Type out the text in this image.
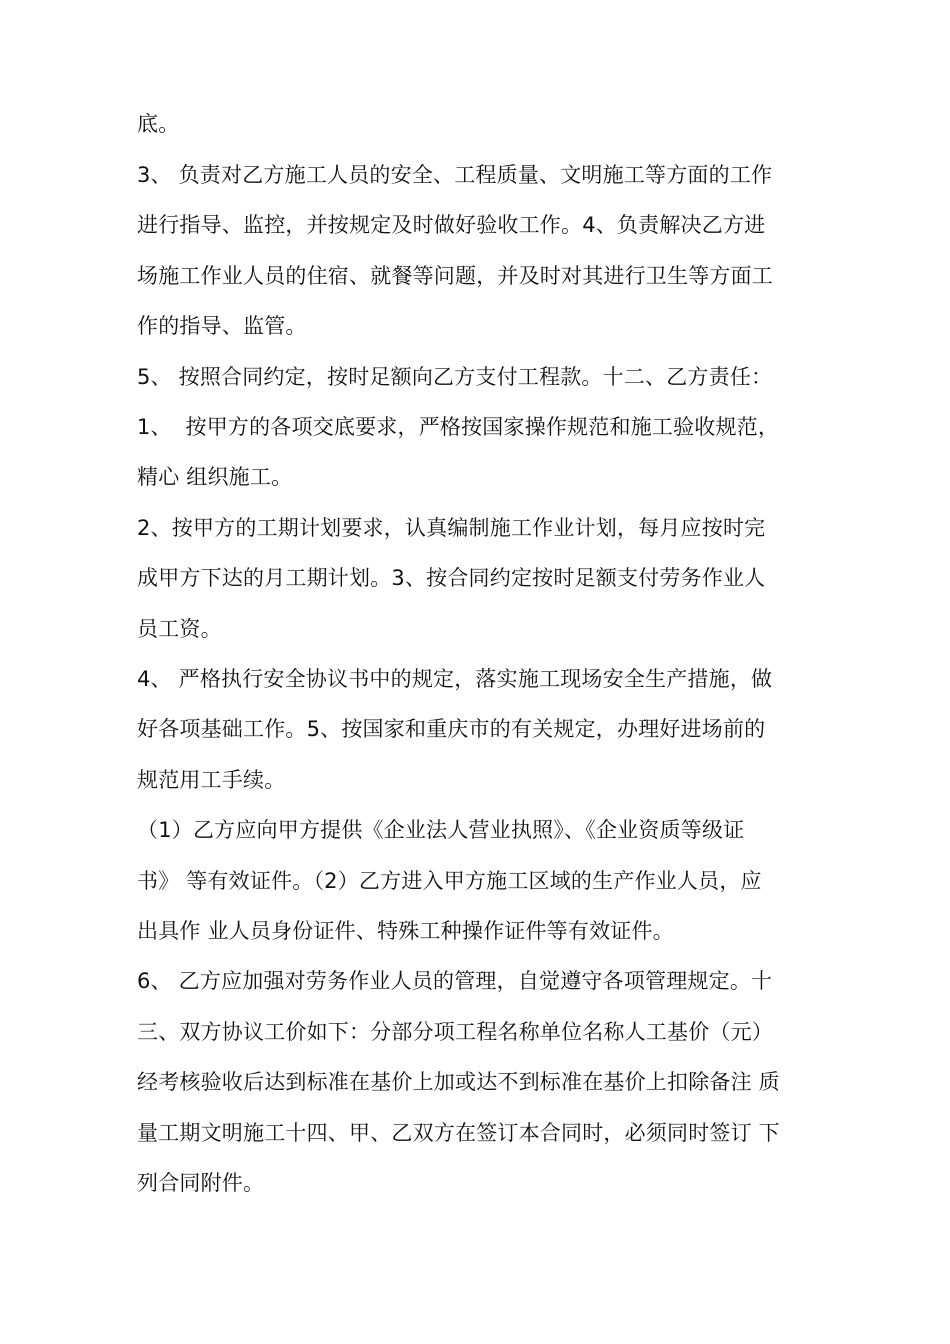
底。
3、 负责对乙方施工人员的安全、工程质量、文明施工等方面的工作
进行指导、监控，并按规定及时做好验收工作。4、负责解决乙方进
场施工作业人员的住宿、就餐等问题，并及时对其进行卫生等方面工
作的指导、监管。
5、 按照合同约定，按时足额向乙方支付工程款。十二、乙方责任：
1、  按甲方的各项交底要求，严格按国家操作规范和施工验收规范，
精心 组织施工。
2、按甲方的工期计划要求，认真编制施工作业计划，每月应按时完
成甲方下达的月工期计划。3、按合同约定按时足额支付劳务作业人
员工资。
4、 严格执行安全协议书中的规定，落实施工现场安全生产措施，做
好各项基础工作。5、按国家和重庆市的有关规定，办理好进场前的
规范用工手续。
（1）乙方应向甲方提供《企业法人营业执照》、《企业资质等级证
书》 等有效证件。（2）乙方进入甲方施工区域的生产作业人员，应
出具作 业人员身份证件、特殊工种操作证件等有效证件。
6、 乙方应加强对劳务作业人员的管理，自觉遵守各项管理规定。十
三、双方协议工价如下：分部分项工程名称单位名称人工基价（元）
经考核验收后达到标准在基价上加或达不到标准在基价上扣除备注 质
量工期文明施工十四、甲、乙双方在签订本合同时，必须同时签订 下
列合同附件。
